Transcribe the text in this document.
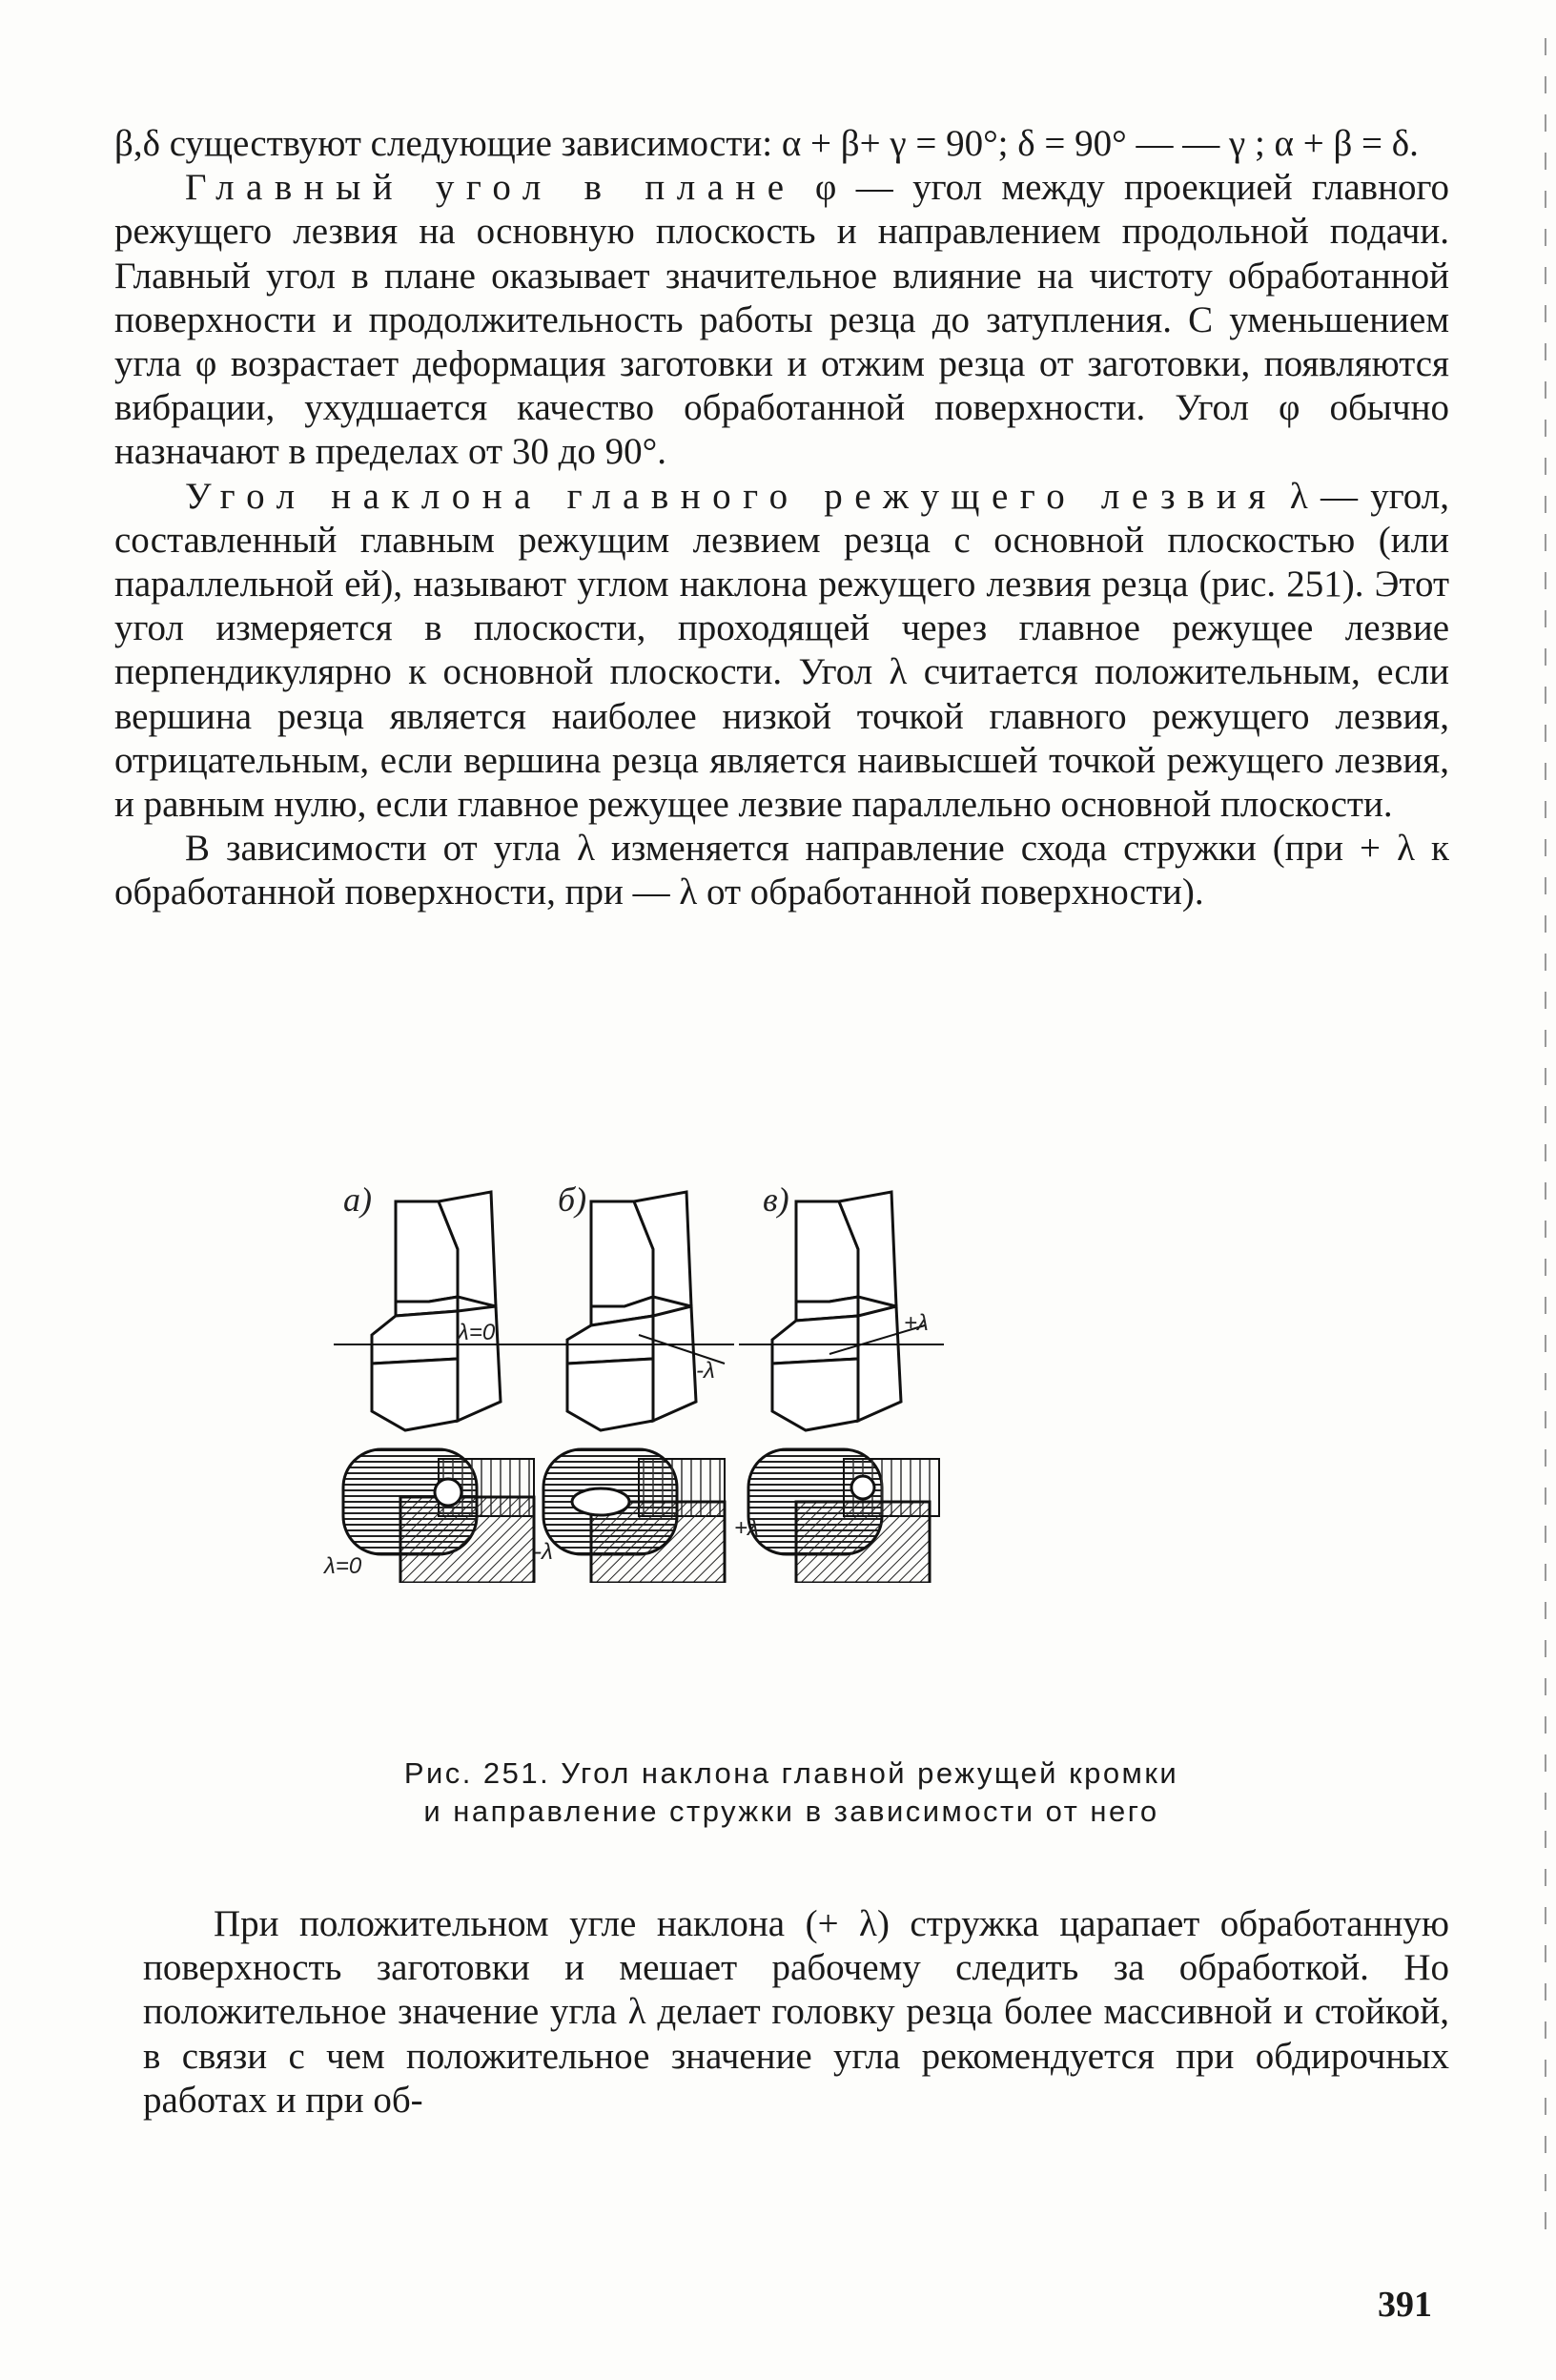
β,δ существуют следующие зависимости: α + β+ γ = 90°; δ = 90° — — γ ; α + β = δ.

Главный угол в плане φ — угол между проекцией главного режущего лезвия на основную плоскость и направлением продольной подачи. Главный угол в плане оказывает значительное влияние на чистоту обработанной поверхности и продолжительность работы резца до затупления. С уменьшением угла φ возрастает деформация заготовки и отжим резца от заготовки, появляются вибрации, ухудшается качество обработанной поверхности. Угол φ обычно назначают в пределах от 30 до 90°.

Угол наклона главного режущего лезвия λ — угол, составленный главным режущим лезвием резца с основной плоскостью (или параллельной ей), называют углом наклона режущего лезвия резца (рис. 251). Этот угол измеряется в плоскости, проходящей через главное режущее лезвие перпендикулярно к основной плоскости. Угол λ считается положительным, если вершина резца является наиболее низкой точкой главного режущего лезвия, отрицательным, если вершина резца является наивысшей точкой режущего лезвия, и равным нулю, если главное режущее лезвие параллельно основной плоскости.

В зависимости от угла λ изменяется направление схода стружки (при + λ к обработанной поверхности, при — λ от обработанной поверхности).

а)
λ=0
λ=0
б)
-λ
-λ
в)
+λ
+λ
Рис. 251. Угол наклона главной режущей кромки
и направление стружки в зависимости от него

При положительном угле наклона (+ λ) стружка царапает обработанную поверхность заготовки и мешает рабочему следить за обработкой. Но положительное значение угла λ делает головку резца более массивной и стойкой, в связи с чем положительное значение угла рекомендуется при обдирочных работах и при об-

391
